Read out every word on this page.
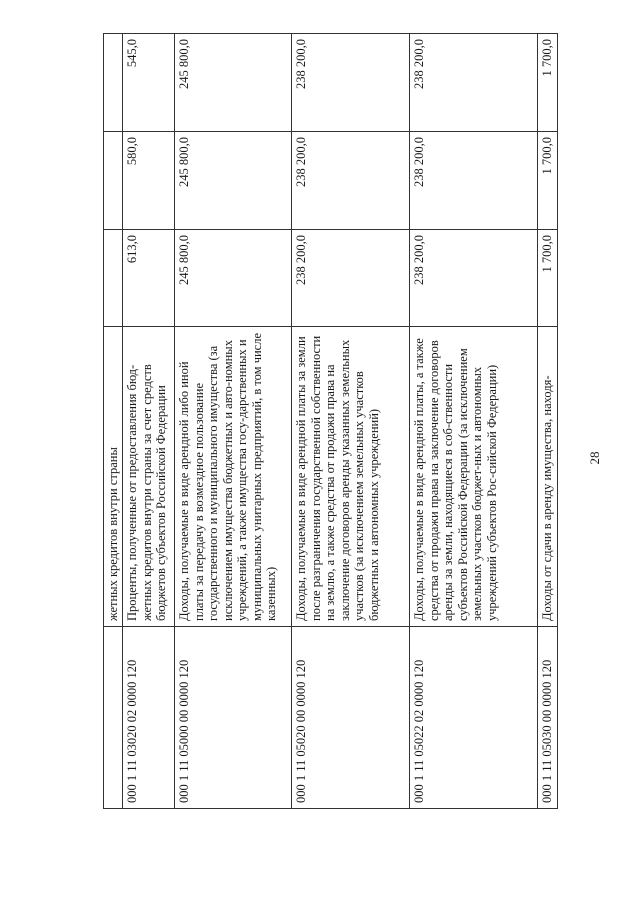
28
	жетных кредитов внутри страны			
000 1 11 03020 02 0000 120	Проценты, полученные от предоставления бюд-жетных кредитов внутри страны за счет средств бюджетов субъектов Российской Федерации	613,0	580,0	545,0
000 1 11 05000 00 0000 120	Доходы, получаемые в виде арендной либо иной платы за передачу в возмездное пользование государственного и муниципального имущества (за исключением имущества бюджетных и авто-номных учреждений, а также имущества госу-дарственных и муниципальных унитарных предприятий, в том числе казенных)	245 800,0	245 800,0	245 800,0
000 1 11 05020 00 0000 120	Доходы, получаемые в виде арендной платы за земли после разграничения государственной собственности на землю, а также средства от продажи права на заключение договоров аренды указанных земельных участков (за исключением земельных участков бюджетных и автономных учреждений)	238 200,0	238 200,0	238 200,0
000 1 11 05022 02 0000 120	Доходы, получаемые в виде арендной платы, а также средства от продажи права на заключение договоров аренды за земли, находящиеся в соб-ственности субъектов Российской Федерации (за исключением земельных участков бюджет-ных и автономных учреждений субъектов Рос-сийской Федерации)	238 200,0	238 200,0	238 200,0
000 1 11 05030 00 0000 120	Доходы от сдачи в аренду имущества, находя-	1 700,0	1 700,0	1 700,0
